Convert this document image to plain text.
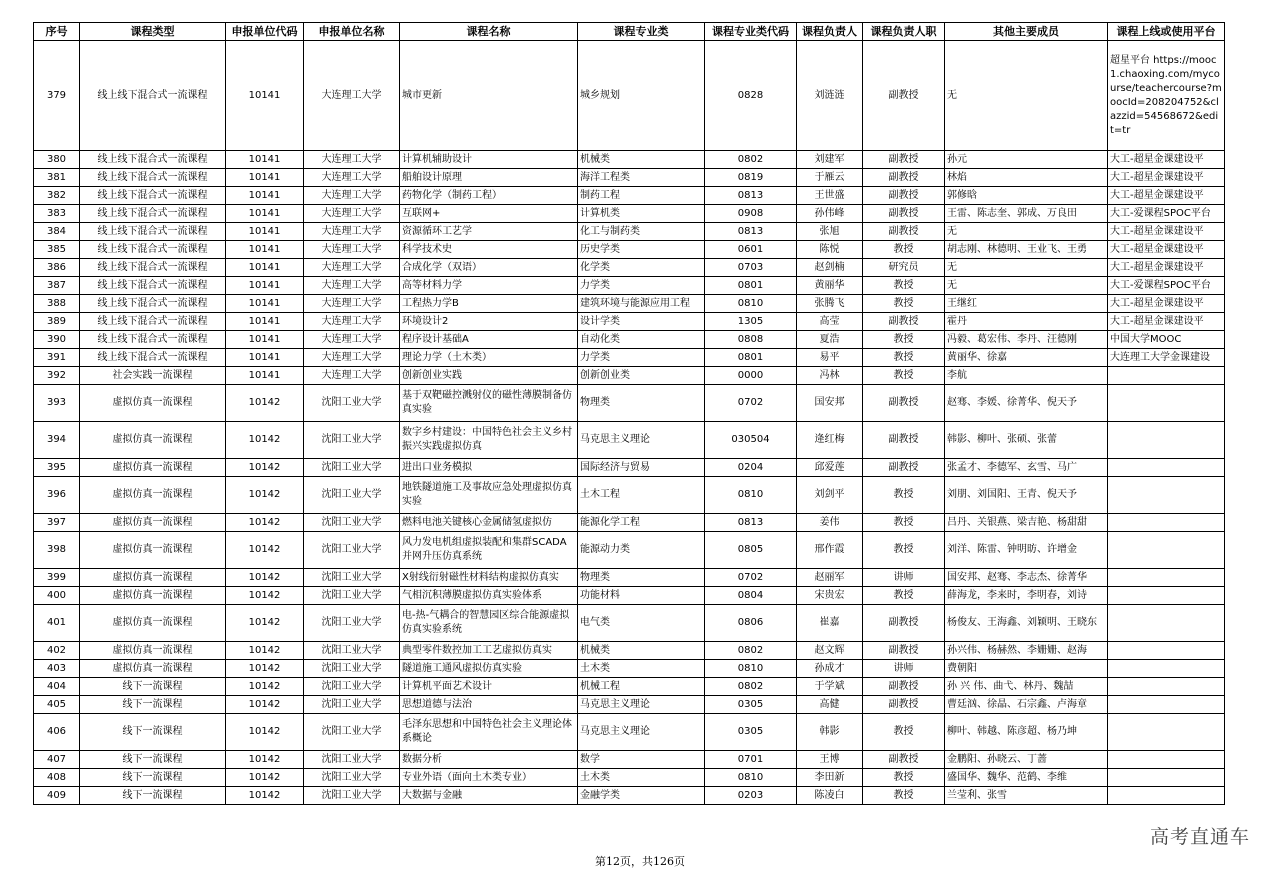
序号	课程类型	申报单位代码	申报单位名称	课程名称	课程专业类	课程专业类代码	课程负责人	课程负责人职	其他主要成员	课程上线或使用平台
379	线上线下混合式一流课程	10141	大连理工大学	城市更新	城乡规划	0828	刘涟涟	副教授	无	超星平台 https://mooc1.chaoxing.com/mycourse/teachercourse?moocId=208204752&clazzid=54568672&edit=tr
380	线上线下混合式一流课程	10141	大连理工大学	计算机辅助设计	机械类	0802	刘建军	副教授	孙元	大工-超星金课建设平
381	线上线下混合式一流课程	10141	大连理工大学	船舶设计原理	海洋工程类	0819	于雁云	副教授	林焰	大工-超星金课建设平
382	线上线下混合式一流课程	10141	大连理工大学	药物化学（制药工程）	制药工程	0813	王世盛	副教授	郭修晗	大工-超星金课建设平
383	线上线下混合式一流课程	10141	大连理工大学	互联网+	计算机类	0908	孙伟峰	副教授	王雷、陈志奎、郭成、万良田	大工-爱课程SPOC平台
384	线上线下混合式一流课程	10141	大连理工大学	资源循环工艺学	化工与制药类	0813	张旭	副教授	无	大工-超星金课建设平
385	线上线下混合式一流课程	10141	大连理工大学	科学技术史	历史学类	0601	陈悦	教授	胡志刚、林德明、王业飞、王勇	大工-超星金课建设平
386	线上线下混合式一流课程	10141	大连理工大学	合成化学（双语）	化学类	0703	赵剑楠	研究员	无	大工-超星金课建设平
387	线上线下混合式一流课程	10141	大连理工大学	高等材料力学	力学类	0801	黄丽华	教授	无	大工-爱课程SPOC平台
388	线上线下混合式一流课程	10141	大连理工大学	工程热力学B	建筑环境与能源应用工程	0810	张腾飞	教授	王继红	大工-超星金课建设平
389	线上线下混合式一流课程	10141	大连理工大学	环境设计2	设计学类	1305	高莹	副教授	霍丹	大工-超星金课建设平
390	线上线下混合式一流课程	10141	大连理工大学	程序设计基础A	自动化类	0808	夏浩	教授	冯毅、葛宏伟、李丹、汪德刚	中国大学MOOC
391	线上线下混合式一流课程	10141	大连理工大学	理论力学（土木类）	力学类	0801	易平	教授	黄丽华、徐嘉	大连理工大学金课建设
392	社会实践一流课程	10141	大连理工大学	创新创业实践	创新创业类	0000	冯林	教授	李航	
393	虚拟仿真一流课程	10142	沈阳工业大学	基于双靶磁控溅射仪的磁性薄膜制备仿真实验	物理类	0702	国安邦	副教授	赵骞、李媛、徐菁华、倪天予	
394	虚拟仿真一流课程	10142	沈阳工业大学	数字乡村建设：中国特色社会主义乡村振兴实践虚拟仿真	马克思主义理论	030504	逄红梅	副教授	韩影、柳叶、张硕、张蕾	
395	虚拟仿真一流课程	10142	沈阳工业大学	进出口业务模拟	国际经济与贸易	0204	邱爱莲	副教授	张孟才、李德军、玄雪、马广	
396	虚拟仿真一流课程	10142	沈阳工业大学	地铁隧道施工及事故应急处理虚拟仿真实验	土木工程	0810	刘剑平	教授	刘朋、刘国阳、王青、倪天予	
397	虚拟仿真一流课程	10142	沈阳工业大学	燃料电池关键核心金属储氢虚拟仿	能源化学工程	0813	姜伟	教授	吕丹、关银燕、梁吉艳、杨甜甜	
398	虚拟仿真一流课程	10142	沈阳工业大学	风力发电机组虚拟装配和集群SCADA并网升压仿真系统	能源动力类	0805	邢作霞	教授	刘洋、陈雷、钟明昉、许增金	
399	虚拟仿真一流课程	10142	沈阳工业大学	X射线衍射磁性材料结构虚拟仿真实	物理类	0702	赵丽军	讲师	国安邦、赵骞、李志杰、徐菁华	
400	虚拟仿真一流课程	10142	沈阳工业大学	气相沉积薄膜虚拟仿真实验体系	功能材料	0804	宋贵宏	教授	薛海龙，李来时，李明春，刘诗	
401	虚拟仿真一流课程	10142	沈阳工业大学	电-热-气耦合的智慧园区综合能源虚拟仿真实验系统	电气类	0806	崔嘉	副教授	杨俊友、王海鑫、刘颖明、王晓东	
402	虚拟仿真一流课程	10142	沈阳工业大学	典型零件数控加工工艺虚拟仿真实	机械类	0802	赵文辉	副教授	孙兴伟、杨赫然、李姗姗、赵海	
403	虚拟仿真一流课程	10142	沈阳工业大学	隧道施工通风虚拟仿真实验	土木类	0810	孙成才	讲师	费朝阳	
404	线下一流课程	10142	沈阳工业大学	计算机平面艺术设计	机械工程	0802	于学斌	副教授	孙 兴 伟、曲弋、林丹、魏喆	
405	线下一流课程	10142	沈阳工业大学	思想道德与法治	马克思主义理论	0305	高健	副教授	曹廷汹、徐晶、石宗鑫、卢海章	
406	线下一流课程	10142	沈阳工业大学	毛泽东思想和中国特色社会主义理论体系概论	马克思主义理论	0305	韩影	教授	柳叶、韩越、陈彦超、杨乃坤	
407	线下一流课程	10142	沈阳工业大学	数据分析	数学	0701	王博	副教授	金鹏阳、孙晓云、丁蔷	
408	线下一流课程	10142	沈阳工业大学	专业外语（面向土木类专业）	土木类	0810	李田新	教授	盛国华、魏华、范鹤、李维	
409	线下一流课程	10142	沈阳工业大学	大数据与金融	金融学类	0203	陈凌白	教授	兰莹利、张雪	
高考直通车
第12页，共126页
